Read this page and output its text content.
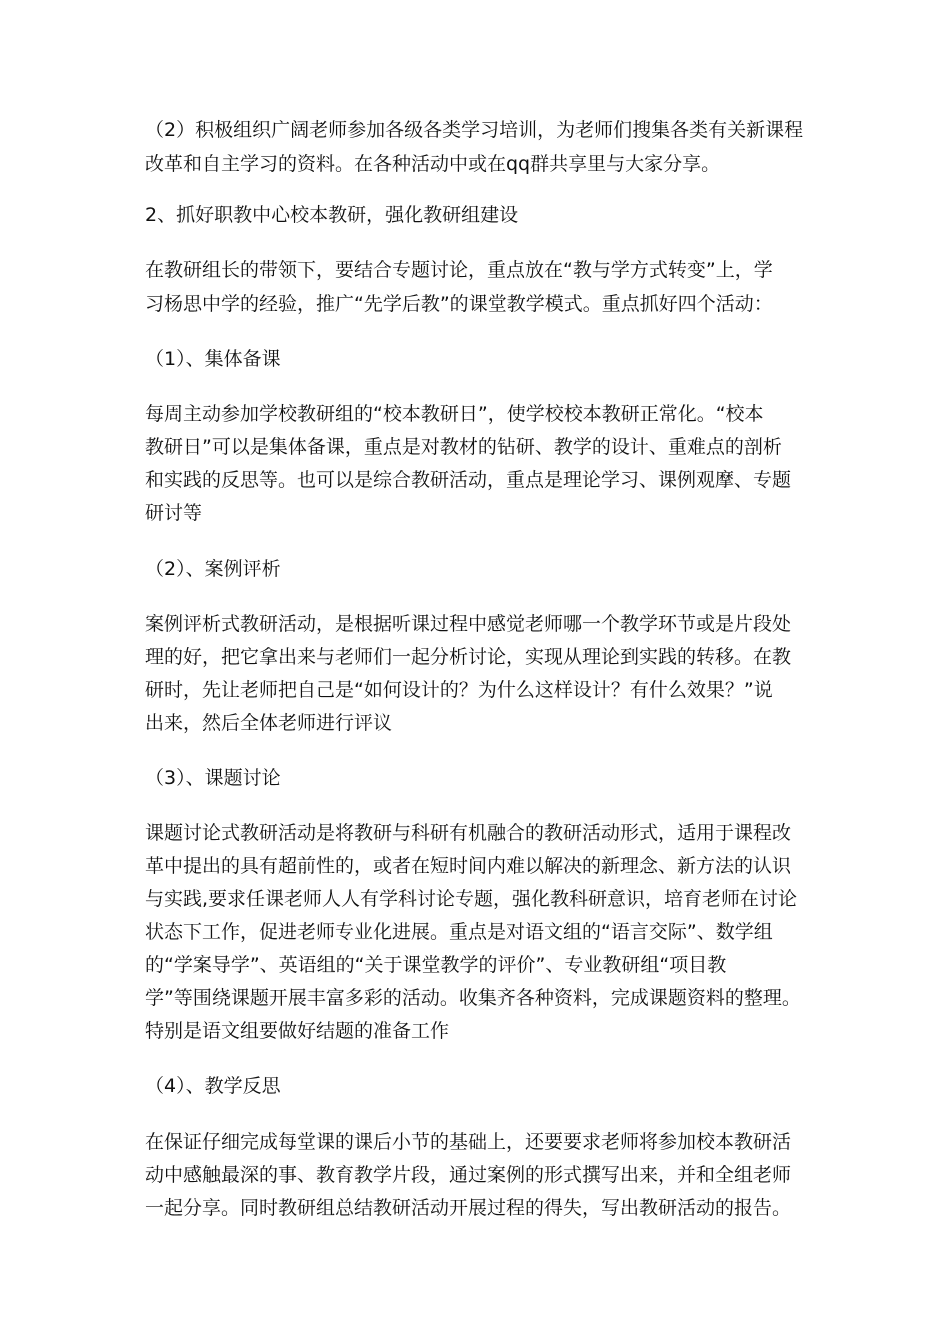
（2）积极组织广阔老师参加各级各类学习培训，为老师们搜集各类有关新课程

改革和自主学习的资料。在各种活动中或在qq群共享里与大家分享。

2、抓好职教中心校本教研，强化教研组建设

在教研组长的带领下，要结合专题讨论，重点放在“教与学方式转变”上，学

习杨思中学的经验，推广“先学后教”的课堂教学模式。重点抓好四个活动：

（1）、集体备课

每周主动参加学校教研组的“校本教研日”，使学校校本教研正常化。“校本

教研日”可以是集体备课，重点是对教材的钻研、教学的设计、重难点的剖析

和实践的反思等。也可以是综合教研活动，重点是理论学习、课例观摩、专题

研讨等

（2）、案例评析

案例评析式教研活动，是根据听课过程中感觉老师哪一个教学环节或是片段处

理的好，把它拿出来与老师们一起分析讨论，实现从理论到实践的转移。在教

研时，先让老师把自己是“如何设计的？为什么这样设计？有什么效果？”说

出来，然后全体老师进行评议

（3）、课题讨论

课题讨论式教研活动是将教研与科研有机融合的教研活动形式，适用于课程改

革中提出的具有超前性的，或者在短时间内难以解决的新理念、新方法的认识

与实践,要求任课老师人人有学科讨论专题，强化教科研意识，培育老师在讨论

状态下工作，促进老师专业化进展。重点是对语文组的“语言交际”、数学组

的“学案导学”、英语组的“关于课堂教学的评价”、专业教研组“项目教

学”等围绕课题开展丰富多彩的活动。收集齐各种资料，完成课题资料的整理。

特别是语文组要做好结题的准备工作

（4）、教学反思

在保证仔细完成每堂课的课后小节的基础上，还要要求老师将参加校本教研活

动中感触最深的事、教育教学片段，通过案例的形式撰写出来，并和全组老师

一起分享。同时教研组总结教研活动开展过程的得失，写出教研活动的报告。
